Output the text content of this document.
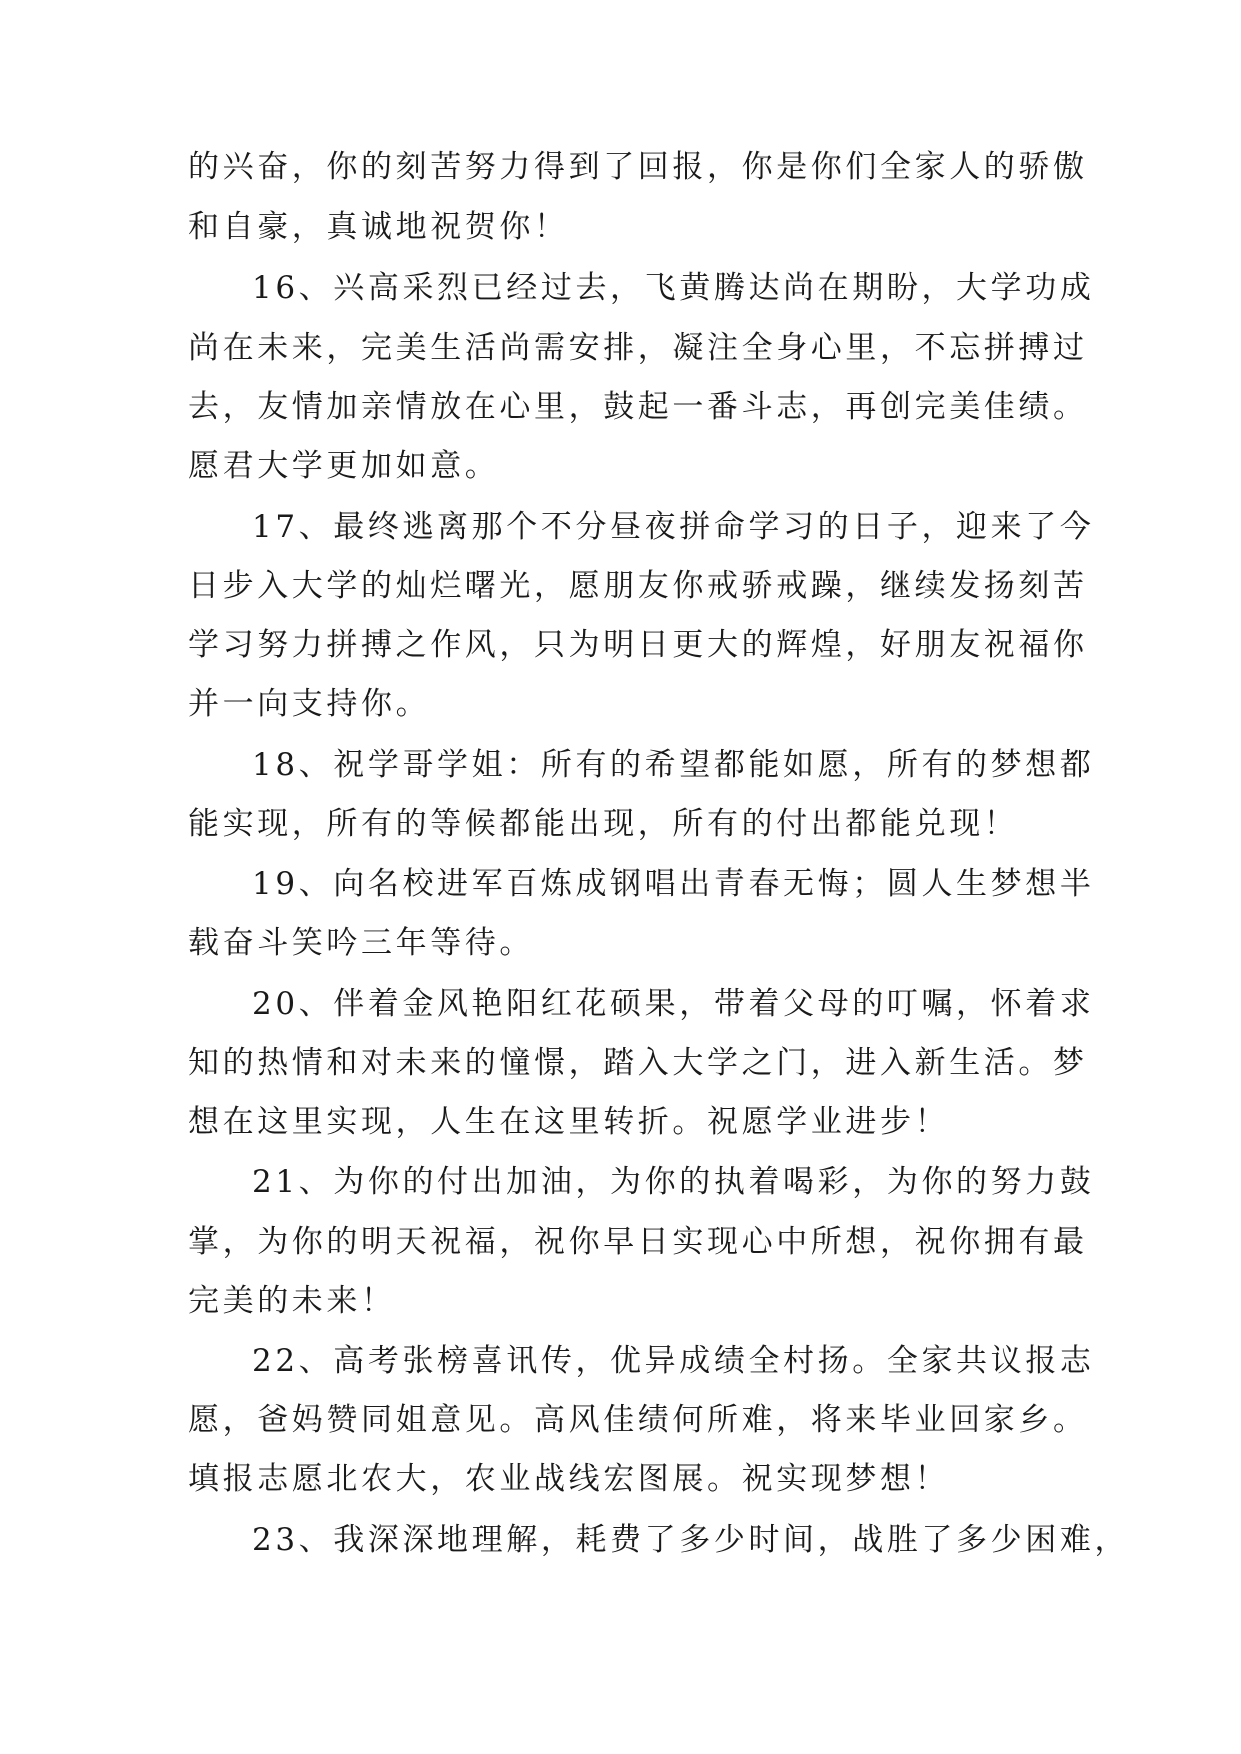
的兴奋，你的刻苦努力得到了回报，你是你们全家人的骄傲

和自豪，真诚地祝贺你！

16、兴高采烈已经过去，飞黄腾达尚在期盼，大学功成

尚在未来，完美生活尚需安排，凝注全身心里，不忘拼搏过

去，友情加亲情放在心里，鼓起一番斗志，再创完美佳绩。

愿君大学更加如意。

17、最终逃离那个不分昼夜拼命学习的日子，迎来了今

日步入大学的灿烂曙光，愿朋友你戒骄戒躁，继续发扬刻苦

学习努力拼搏之作风，只为明日更大的辉煌，好朋友祝福你

并一向支持你。

18、祝学哥学姐：所有的希望都能如愿，所有的梦想都

能实现，所有的等候都能出现，所有的付出都能兑现！

19、向名校进军百炼成钢唱出青春无悔；圆人生梦想半

载奋斗笑吟三年等待。

20、伴着金风艳阳红花硕果，带着父母的叮嘱，怀着求

知的热情和对未来的憧憬，踏入大学之门，进入新生活。梦

想在这里实现，人生在这里转折。祝愿学业进步！

21、为你的付出加油，为你的执着喝彩，为你的努力鼓

掌，为你的明天祝福，祝你早日实现心中所想，祝你拥有最

完美的未来！

22、高考张榜喜讯传，优异成绩全村扬。全家共议报志

愿，爸妈赞同姐意见。高风佳绩何所难，将来毕业回家乡。

填报志愿北农大，农业战线宏图展。祝实现梦想！

23、我深深地理解，耗费了多少时间，战胜了多少困难，
